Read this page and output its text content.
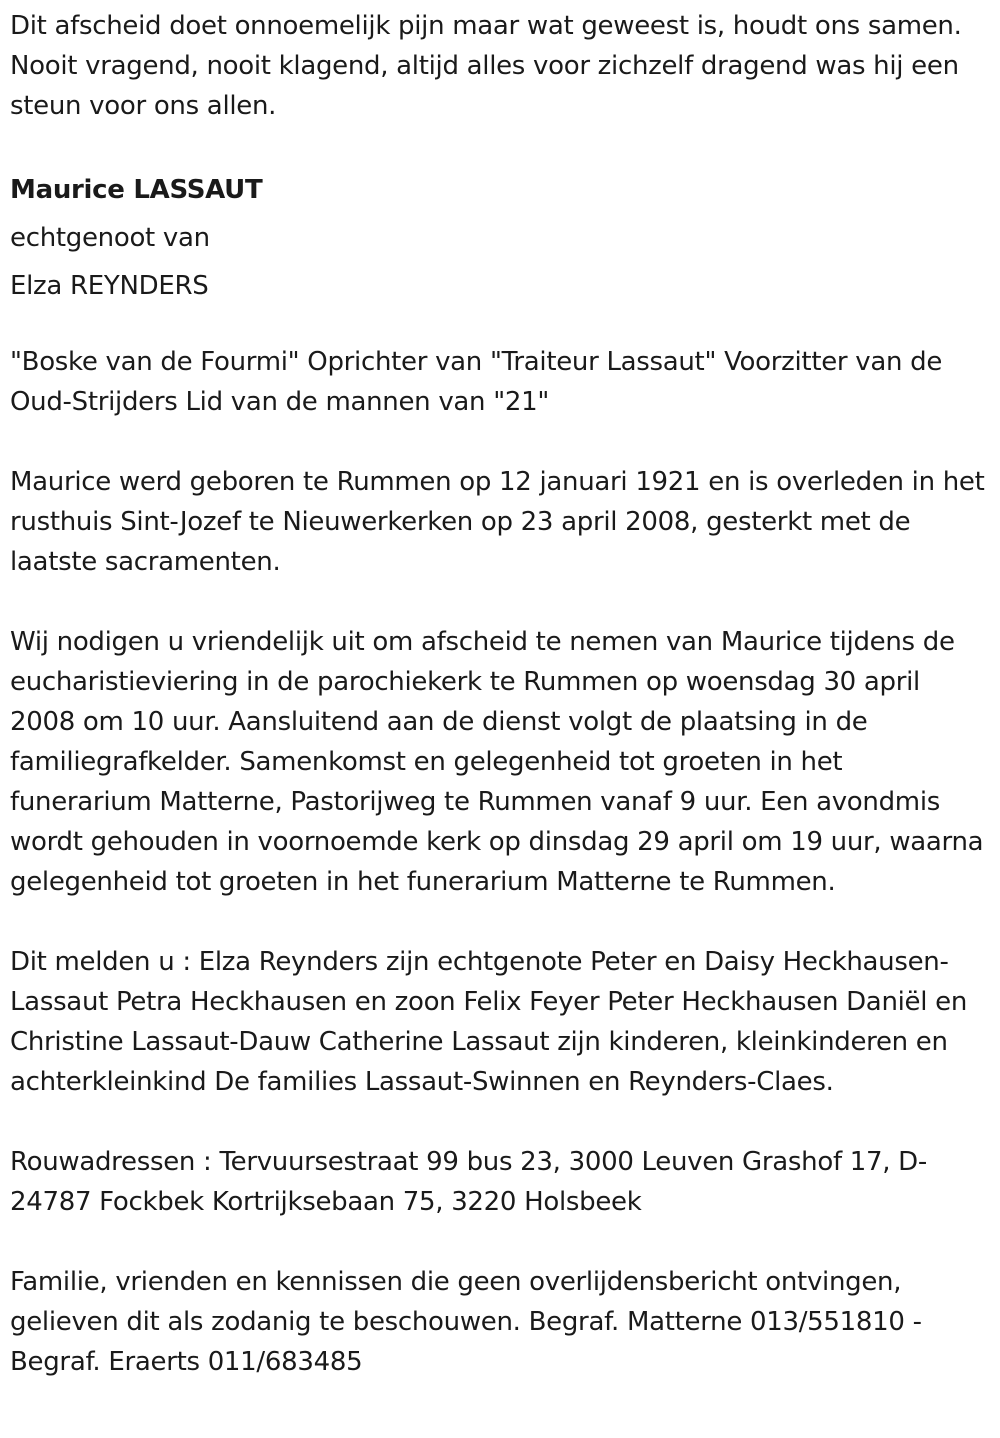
Dit afscheid doet onnoemelijk pijn maar wat geweest is, houdt ons samen. Nooit vragend, nooit klagend, altijd alles voor zichzelf dragend was hij een steun voor ons allen.

Maurice LASSAUT

echtgenoot van

Elza REYNDERS

"Boske van de Fourmi" Oprichter van "Traiteur Lassaut" Voorzitter van de Oud-Strijders Lid van de mannen van "21"

Maurice werd geboren te Rummen op 12 januari 1921 en is overleden in het rusthuis Sint-Jozef te Nieuwerkerken op 23 april 2008, gesterkt met de laatste sacramenten.

Wij nodigen u vriendelijk uit om afscheid te nemen van Maurice tijdens de eucharistieviering in de parochiekerk te Rummen op woensdag 30 april 2008 om 10 uur. Aansluitend aan de dienst volgt de plaatsing in de familiegrafkelder. Samenkomst en gelegenheid tot groeten in het funerarium Matterne, Pastorijweg te Rummen vanaf 9 uur. Een avondmis wordt gehouden in voornoemde kerk op dinsdag 29 april om 19 uur, waarna gelegenheid tot groeten in het funerarium Matterne te Rummen.

Dit melden u : Elza Reynders zijn echtgenote Peter en Daisy Heckhausen-Lassaut Petra Heckhausen en zoon Felix Feyer Peter Heckhausen Daniël en Christine Lassaut-Dauw Catherine Lassaut zijn kinderen, kleinkinderen en achterkleinkind De families Lassaut-Swinnen en Reynders-Claes.

Rouwadressen : Tervuursestraat 99 bus 23, 3000 Leuven Grashof 17, D-24787 Fockbek Kortrijksebaan 75, 3220 Holsbeek

Familie, vrienden en kennissen die geen overlijdensbericht ontvingen, gelieven dit als zodanig te beschouwen. Begraf. Matterne 013/551810 - Begraf. Eraerts 011/683485
